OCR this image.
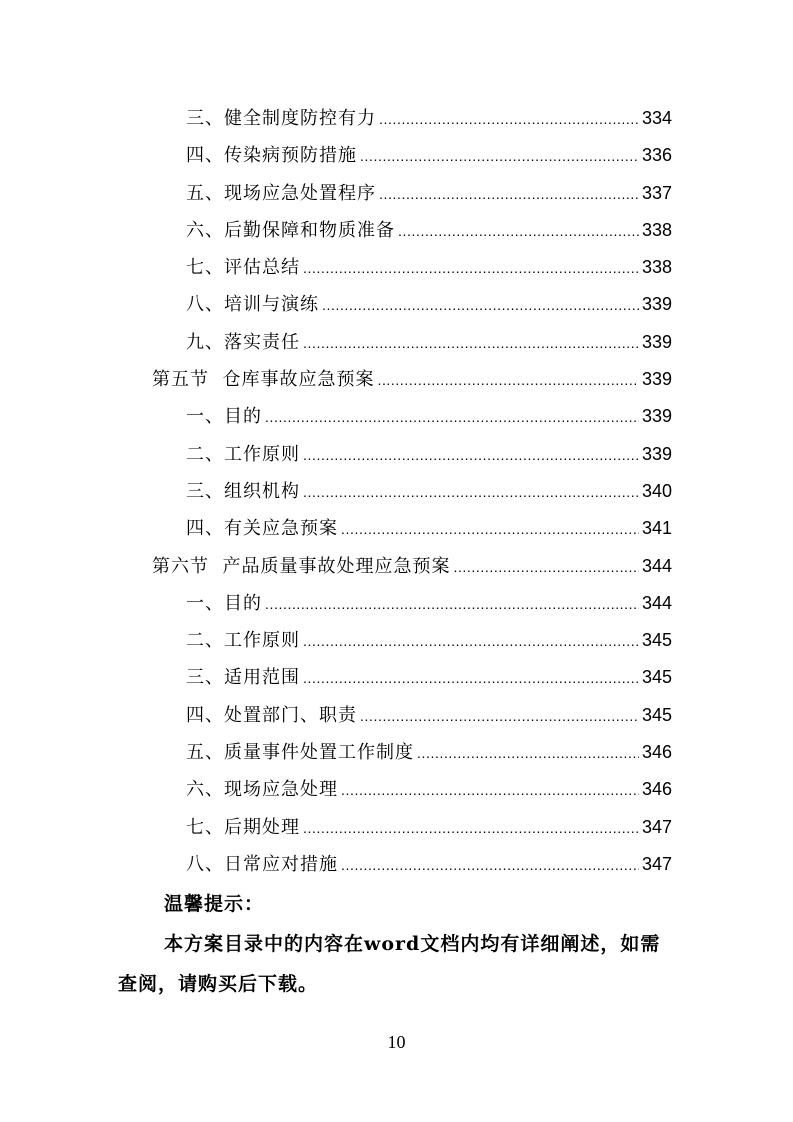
三、健全制度防控有力 .....	334
四、传染病预防措施 .....	336
五、现场应急处置程序 .....	337
六、后勤保障和物质准备 .....	338
七、评估总结 .....	338
八、培训与演练 .....	339
九、落实责任 .....	339
第五节  仓库事故应急预案 .....	339
一、目的 .....	339
二、工作原则 .....	339
三、组织机构 .....	340
四、有关应急预案 .....	341
第六节  产品质量事故处理应急预案 .....	344
一、目的 .....	344
二、工作原则 .....	345
三、适用范围 .....	345
四、处置部门、职责 .....	345
五、质量事件处置工作制度 .....	346
六、现场应急处理 .....	346
七、后期处理 .....	347
八、日常应对措施 .....	347
温馨提示：
本方案目录中的内容在word文档内均有详细阐述，如需查阅，请购买后下载。
10
